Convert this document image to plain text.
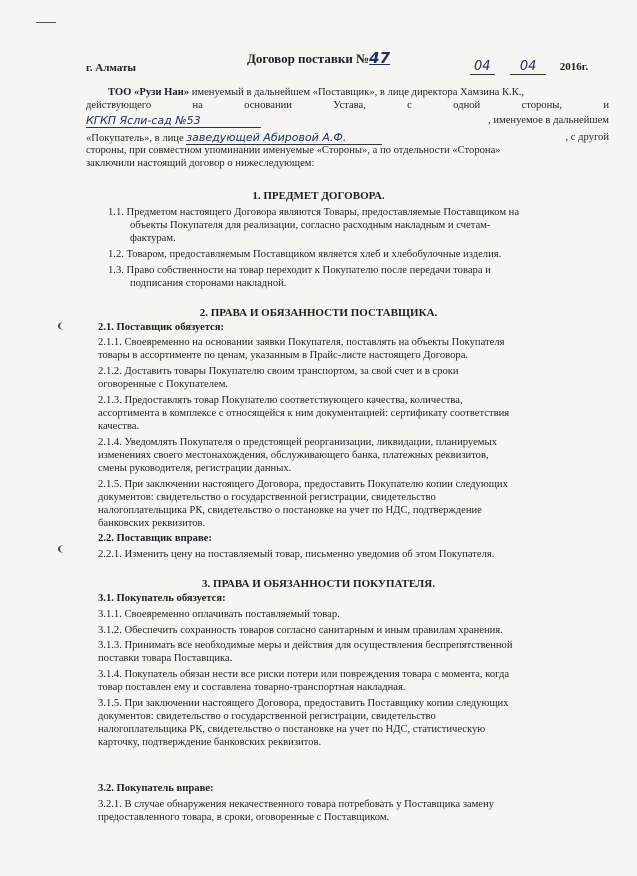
Договор поставки №47
г. Алматы	04 04 2016г.
ТОО «Рузи Нан» именуемый в дальнейшем «Поставщик», в лице директора Хамзина К.К.,
действующего на основании Устава, с одной стороны, и
КГКП Ясли-сад №53	, именуемое в дальнейшем
«Покупатель», в лице заведующей Абировой А.Ф.	, с другой
стороны, при совместном упоминании именуемые «Стороны», а по отдельности «Сторона»
заключили настоящий договор о нижеследующем:
1. ПРЕДМЕТ ДОГОВОРА.
1.1. Предметом настоящего Договора являются Товары, предоставляемые Поставщиком на
объекты Покупателя для реализации, согласно расходным накладным и счетам-
фактурам.
1.2. Товаром, предоставляемым Поставщиком является хлеб и хлебобулочные изделия.
1.3. Право собственности на товар переходит к Покупателю после передачи товара и
подписания сторонами накладной.
2. ПРАВА И ОБЯЗАННОСТИ ПОСТАВЩИКА.
2.1. Поставщик обязуется:
2.1.1. Своевременно на основании заявки Покупателя, поставлять на объекты Покупателя
товары в ассортименте по ценам, указанным в Прайс-листе настоящего Договора.
2.1.2. Доставить товары Покупателю своим транспортом, за свой счет и в сроки
оговоренные с Покупателем.
2.1.3. Предоставлять товар Покупателю соответствующего качества, количества,
ассортимента в комплексе с относящейся к ним документацией: сертификату соответствия
качества.
2.1.4. Уведомлять Покупателя о предстоящей реорганизации, ликвидации, планируемых
изменениях своего местонахождения, обслуживающего банка, платежных реквизитов,
смены руководителя, регистрации данных.
2.1.5. При заключении настоящего Договора, предоставить Покупателю копии следующих
документов: свидетельство о государственной регистрации, свидетельство
налогоплательщика РК, свидетельство о постановке на учет по НДС, подтверждение
банковских реквизитов.
2.2. Поставщик вправе:
2.2.1. Изменить цену на поставляемый товар, письменно уведомив об этом Покупателя.
3. ПРАВА И ОБЯЗАННОСТИ ПОКУПАТЕЛЯ.
3.1. Покупатель обязуется:
3.1.1. Своевременно оплачивать поставляемый товар.
3.1.2. Обеспечить сохранность товаров согласно санитарным и иным правилам хранения.
3.1.3. Принимать все необходимые меры и действия для осуществления беспрепятственной
поставки товара Поставщика.
3.1.4. Покупатель обязан нести все риски потери или повреждения товара с момента, когда
товар поставлен ему и составлена товарно-транспортная накладная.
3.1.5. При заключении настоящего Договора, предоставить Поставщику копии следующих
документов: свидетельство о государственной регистрации, свидетельство
налогоплательщика РК, свидетельство о постановке на учет по НДС, статистическую
карточку, подтверждение банковских реквизитов.
3.2. Покупатель вправе:
3.2.1. В случае обнаружения некачественного товара потребовать у Поставщика замену
предоставленного товара, в сроки, оговоренные с Поставщиком.
